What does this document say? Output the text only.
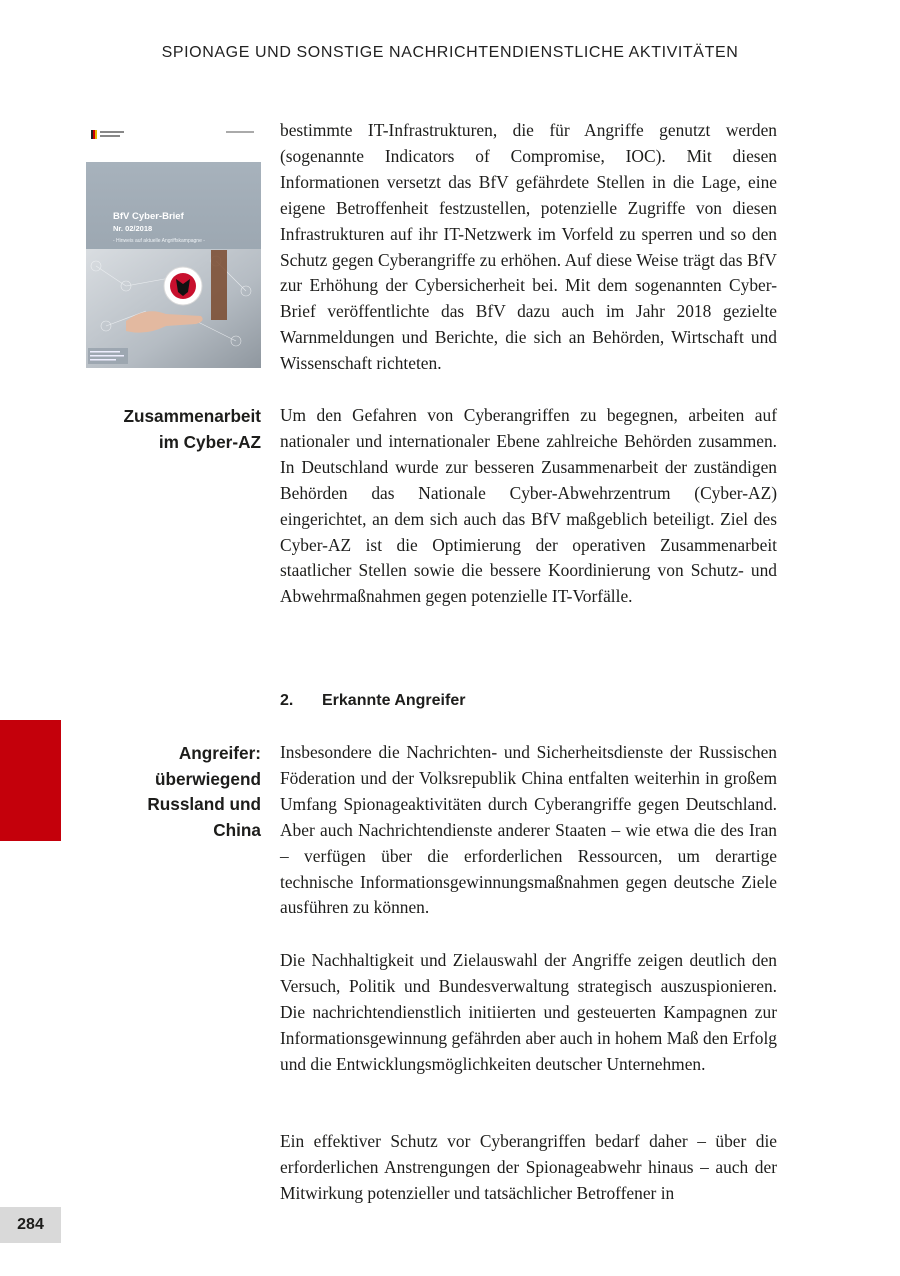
SPIONAGE UND SONSTIGE NACHRICHTENDIENSTLICHE AKTIVITÄTEN
BfV Cyber-Brief
Nr. 02/2018
- Hinweis auf aktuelle Angriffskampagne -

bestimmte IT-Infrastrukturen, die für Angriffe genutzt werden (sogenannte Indicators of Compromise, IOC). Mit diesen Informationen versetzt das BfV gefährdete Stellen in die Lage, eine eigene Betroffenheit festzustellen, potenzielle Zugriffe von diesen Infrastrukturen auf ihr IT-Netzwerk im Vorfeld zu sperren und so den Schutz gegen Cyberangriffe zu erhöhen. Auf diese Weise trägt das BfV zur Erhöhung der Cybersicherheit bei. Mit dem sogenannten Cyber-Brief veröffentlichte das BfV dazu auch im Jahr 2018 gezielte Warnmeldungen und Berichte, die sich an Behörden, Wirtschaft und Wissenschaft richteten.

Zusammenarbeit
im Cyber-AZ

Um den Gefahren von Cyberangriffen zu begegnen, arbeiten auf nationaler und internationaler Ebene zahlreiche Behörden zusammen. In Deutschland wurde zur besseren Zusammenarbeit der zuständigen Behörden das Nationale Cyber-Abwehrzentrum (Cyber-AZ) eingerichtet, an dem sich auch das BfV maßgeblich beteiligt. Ziel des Cyber-AZ ist die Optimierung der operativen Zusammenarbeit staatlicher Stellen sowie die bessere Koordinierung von Schutz- und Abwehrmaßnahmen gegen potenzielle IT-Vorfälle.

2. Erkannte Angreifer
Angreifer:
überwiegend
Russland und
China

Insbesondere die Nachrichten- und Sicherheitsdienste der Russischen Föderation und der Volksrepublik China entfalten weiterhin in großem Umfang Spionageaktivitäten durch Cyberangriffe gegen Deutschland. Aber auch Nachrichtendienste anderer Staaten – wie etwa die des Iran – verfügen über die erforderlichen Ressourcen, um derartige technische Informationsgewinnungsmaßnahmen gegen deutsche Ziele ausführen zu können.

Die Nachhaltigkeit und Zielauswahl der Angriffe zeigen deutlich den Versuch, Politik und Bundesverwaltung strategisch auszuspionieren. Die nachrichtendienstlich initiierten und gesteuerten Kampagnen zur Informationsgewinnung gefährden aber auch in hohem Maß den Erfolg und die Entwicklungsmöglichkeiten deutscher Unternehmen.

Ein effektiver Schutz vor Cyberangriffen bedarf daher – über die erforderlichen Anstrengungen der Spionageabwehr hinaus – auch der Mitwirkung potenzieller und tatsächlicher Betroffener in

284
